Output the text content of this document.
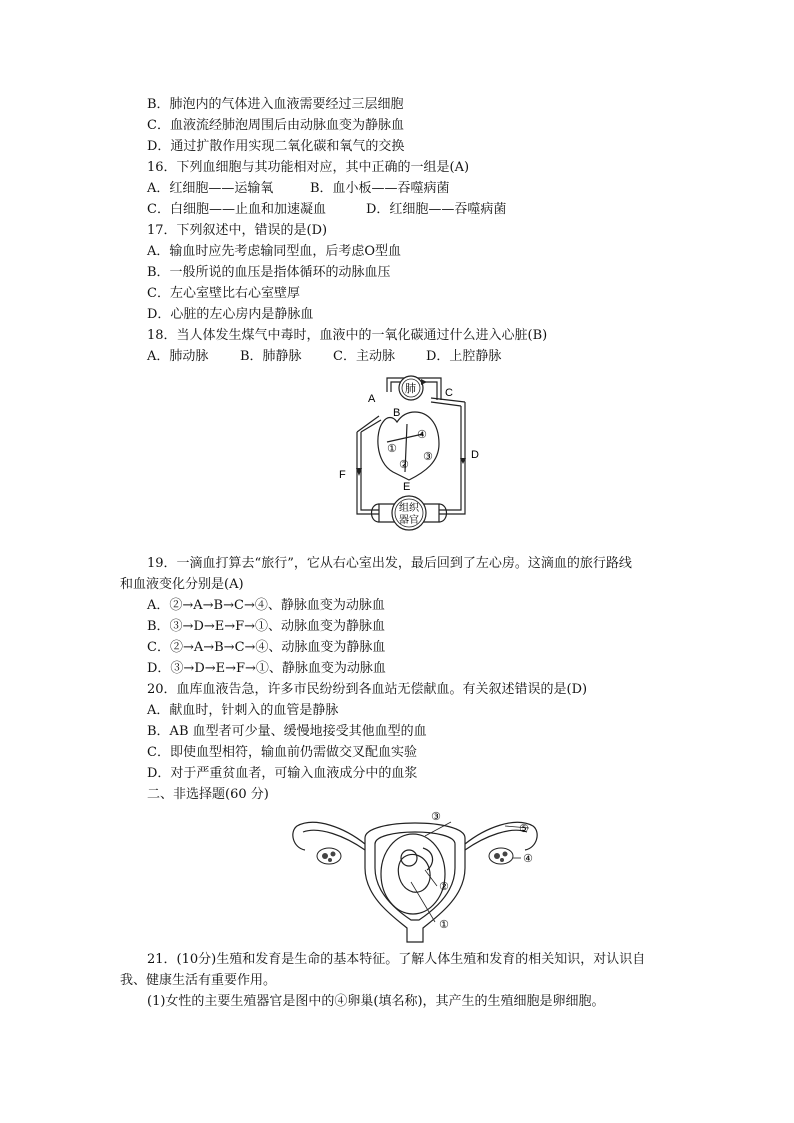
B．肺泡内的气体进入血液需要经过三层细胞
C．血液流经肺泡周围后由动脉血变为静脉血
D．通过扩散作用实现二氧化碳和氧气的交换
16．下列血细胞与其功能相对应，其中正确的一组是(A)
A．红细胞——运输氧	B．血小板——吞噬病菌
C．白细胞——止血和加速凝血	D．红细胞——吞噬病菌
17．下列叙述中，错误的是(D)
A．输血时应先考虑输同型血，后考虑O型血
B．一般所说的血压是指体循环的动脉血压
C．左心室壁比右心室壁厚
D．心脏的左心房内是静脉血
18．当人体发生煤气中毒时，血液中的一氧化碳通过什么进入心脏(B)
A．肺动脉 B．肺静脉 C．主动脉 D．上腔静脉
肺
组织
器官
A
B
C
D
E
F
①
②
③
④
19．一滴血打算去“旅行”，它从右心室出发，最后回到了左心房。这滴血的旅行路线
和血液变化分别是(A)
A．②→A→B→C→④、静脉血变为动脉血
B．③→D→E→F→①、动脉血变为静脉血
C．②→A→B→C→④、动脉血变为静脉血
D．③→D→E→F→①、静脉血变为动脉血
20．血库血液告急，许多市民纷纷到各血站无偿献血。有关叙述错误的是(D)
A．献血时，针刺入的血管是静脉
B．AB 血型者可少量、缓慢地接受其他血型的血
C．即使血型相符，输血前仍需做交叉配血实验
D．对于严重贫血者，可输入血液成分中的血浆
二、非选择题(60 分)
③
⑤
④
②
①
21．(10分)生殖和发育是生命的基本特征。了解人体生殖和发育的相关知识，对认识自
我、健康生活有重要作用。
(1)女性的主要生殖器官是图中的④卵巢(填名称)，其产生的生殖细胞是卵细胞。
